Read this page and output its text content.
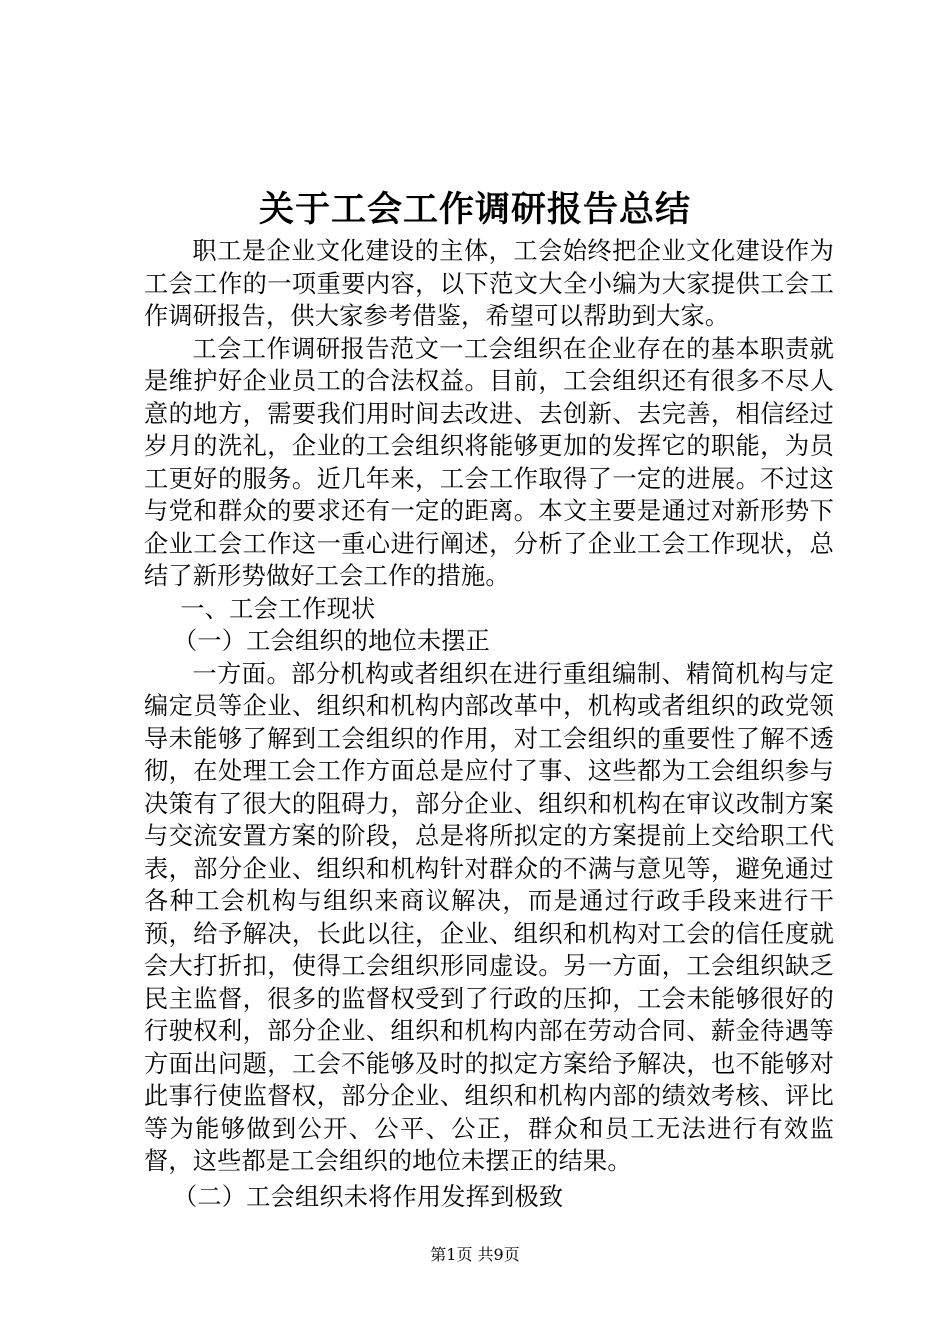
关于工会工作调研报告总结

职工是企业文化建设的主体，工会始终把企业文化建设作为工会工作的一项重要内容，以下范文大全小编为大家提供工会工作调研报告，供大家参考借鉴，希望可以帮助到大家。

工会工作调研报告范文一工会组织在企业存在的基本职责就是维护好企业员工的合法权益。目前，工会组织还有很多不尽人意的地方，需要我们用时间去改进、去创新、去完善，相信经过岁月的洗礼，企业的工会组织将能够更加的发挥它的职能，为员工更好的服务。近几年来，工会工作取得了一定的进展。不过这与党和群众的要求还有一定的距离。本文主要是通过对新形势下企业工会工作这一重心进行阐述，分析了企业工会工作现状，总结了新形势做好工会工作的措施。

一、工会工作现状

（一）工会组织的地位未摆正

一方面。部分机构或者组织在进行重组编制、精简机构与定编定员等企业、组织和机构内部改革中，机构或者组织的政党领导未能够了解到工会组织的作用，对工会组织的重要性了解不透彻，在处理工会工作方面总是应付了事、这些都为工会组织参与决策有了很大的阻碍力，部分企业、组织和机构在审议改制方案与交流安置方案的阶段，总是将所拟定的方案提前上交给职工代表，部分企业、组织和机构针对群众的不满与意见等，避免通过各种工会机构与组织来商议解决，而是通过行政手段来进行干预，给予解决，长此以往，企业、组织和机构对工会的信任度就会大打折扣，使得工会组织形同虚设。另一方面，工会组织缺乏民主监督，很多的监督权受到了行政的压抑，工会未能够很好的行驶权利，部分企业、组织和机构内部在劳动合同、薪金待遇等方面出问题，工会不能够及时的拟定方案给予解决，也不能够对此事行使监督权，部分企业、组织和机构内部的绩效考核、评比等为能够做到公开、公平、公正，群众和员工无法进行有效监督，这些都是工会组织的地位未摆正的结果。

（二）工会组织未将作用发挥到极致

第1页 共9页
